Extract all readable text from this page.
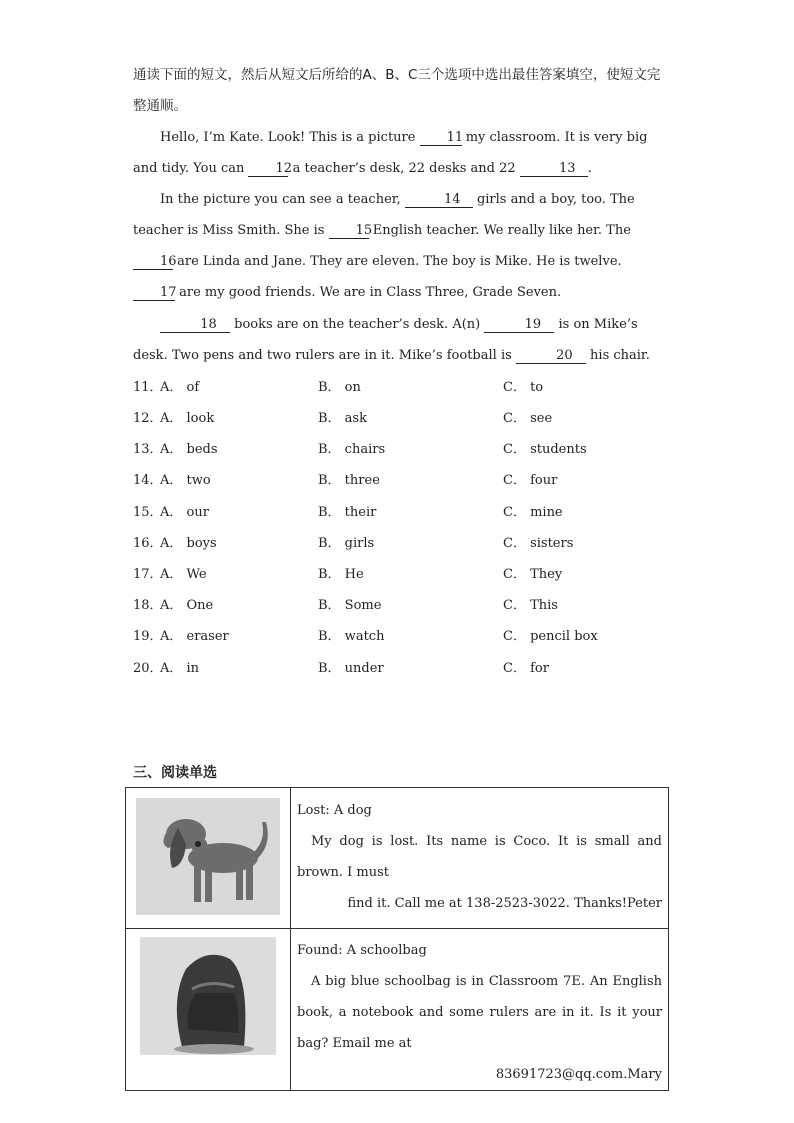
通读下面的短文，然后从短文后所给的A、B、C三个选项中选出最佳答案填空，使短文完整通顺。
Hello, I’m Kate. Look! This is a picture 11 my classroom. It is very big and tidy. You can 12 a teacher’s desk, 22 desks and 22	13 .
In the picture you can see a teacher,	14 girls and a boy, too. The teacher is Miss Smith. She is 15 English teacher. We really like her. The 16 are Linda and Jane. They are eleven. The boy is Mike. He is twelve. 17 are my good friends. We are in Class Three, Grade Seven.
18 books are on the teacher’s desk. A(n)	19 is on Mike’s desk. Two pens and two rulers are in it. Mike’s football is	20 his chair.
11．
A． of	B． on	C． to
12．
A． look	B． ask	C． see
13．
A． beds	B． chairs	C． students
14．
A． two	B． three	C． four
15．
A． our	B． their	C． mine
16．
A． boys	B． girls	C． sisters
17．
A． We	B． He	C． They
18．
A． One	B． Some	C． This
19．
A． eraser	B． watch	C． pencil box
20．
A． in	B． under	C． for
三、阅读单选

Lost: A dog
My dog is lost. Its name is Coco. It is small and brown. I must
find it. Call me at 138-2523-3022. Thanks!Peter

Found: A schoolbag
A big blue schoolbag is in Classroom 7E. An English book, a notebook and some rulers are in it. Is it your bag? Email me at
83691723@qq.com.Mary
